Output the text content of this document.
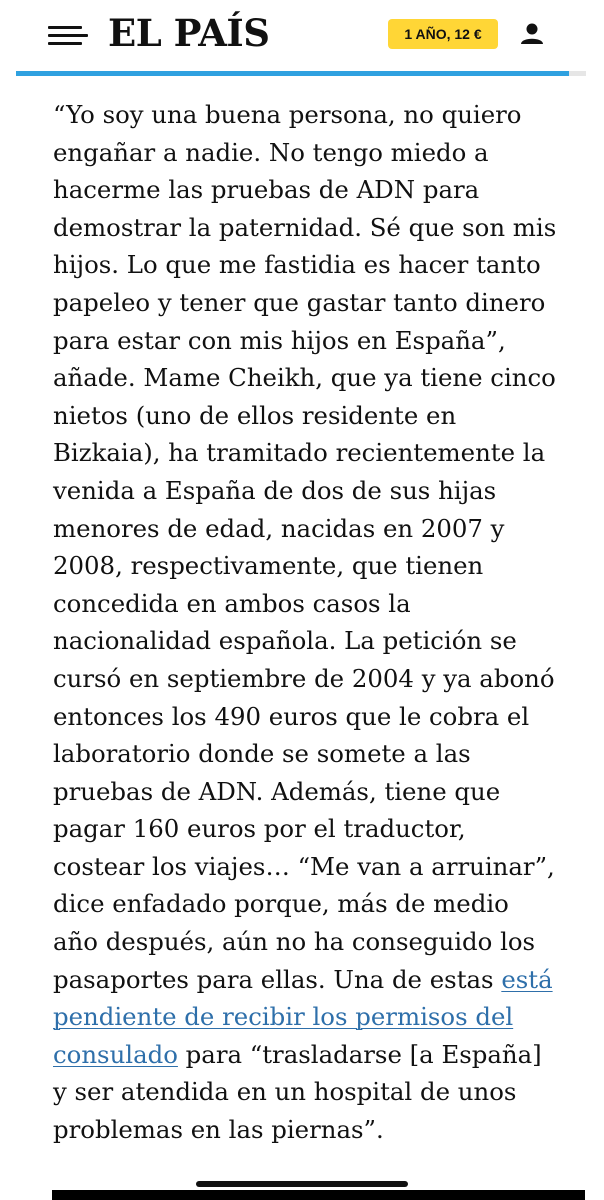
EL PAÍS	1 AÑO, 12 €

“Yo soy una buena persona, no quiero engañar a nadie. No tengo miedo a hacerme las pruebas de ADN para demostrar la paternidad. Sé que son mis hijos. Lo que me fastidia es hacer tanto papeleo y tener que gastar tanto dinero para estar con mis hijos en España”, añade. Mame Cheikh, que ya tiene cinco nietos (uno de ellos residente en Bizkaia), ha tramitado recientemente la venida a España de dos de sus hijas menores de edad, nacidas en 2007 y 2008, respectivamente, que tienen concedida en ambos casos la nacionalidad española. La petición se cursó en septiembre de 2004 y ya abonó entonces los 490 euros que le cobra el laboratorio donde se somete a las pruebas de ADN. Además, tiene que pagar 160 euros por el traductor, costear los viajes… “Me van a arruinar”, dice enfadado porque, más de medio año después, aún no ha conseguido los pasaportes para ellas. Una de estas está pendiente de recibir los permisos del consulado para “trasladarse [a España] y ser atendida en un hospital de unos problemas en las piernas”.
